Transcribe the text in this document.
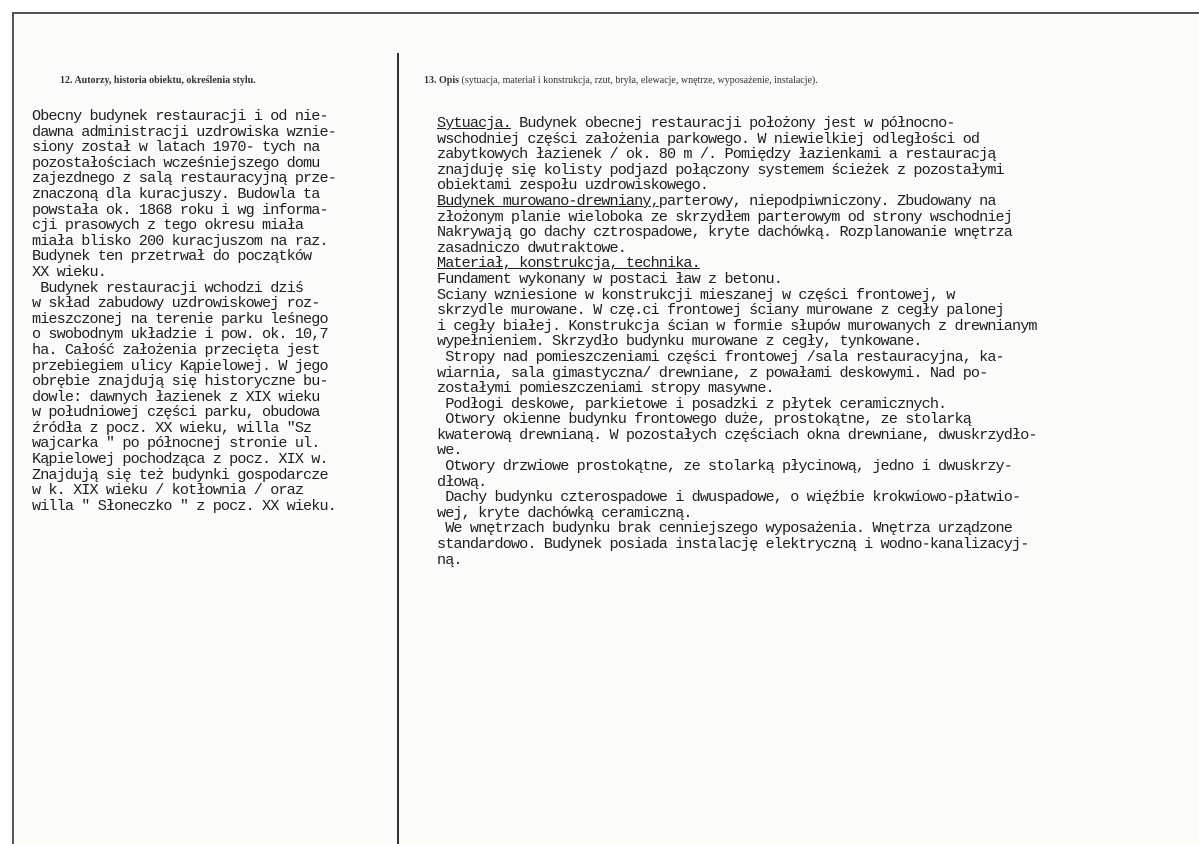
12. Autorzy, historia obiektu, określenia stylu.	13. Opis (sytuacja, materiał i konstrukcja, rzut, bryła, elewacje, wnętrze, wyposażenie, instalacje).
Obecny budynek restauracji i od nie-
dawna administracji uzdrowiska wznie-
siony został w latach 1970- tych na
pozostałościach wcześniejszego domu
zajezdnego z salą restauracyjną prze-
znaczoną dla kuracjuszy. Budowla ta
powstała ok. 1868 roku i wg informa-
cji prasowych z tego okresu miała
miała blisko 200 kuracjuszom na raz.
Budynek ten przetrwał do początków
XX wieku.
Budynek restauracji wchodzi dziś
w skład zabudowy uzdrowiskowej roz-
mieszczonej na terenie parku leśnego
o swobodnym układzie i pow. ok. 10,7
ha. Całość założenia przecięta jest
przebiegiem ulicy Kąpielowej. W jego
obrębie znajdują się historyczne bu-
dowle: dawnych łazienek z XIX wieku
w południowej części parku, obudowa
źródła z pocz. XX wieku, willa "Sz
wajcarka " po północnej stronie ul.
Kąpielowej pochodząca z pocz. XIX w.
Znajdują się też budynki gospodarcze
w k. XIX wieku / kotłownia / oraz
willa " Słoneczko " z pocz. XX wieku.
Sytuacja. Budynek obecnej restauracji położony jest w północno-
wschodniej części założenia parkowego. W niewielkiej odległości od
zabytkowych łazienek / ok. 80 m /. Pomiędzy łazienkami a restauracją
znajduję się kolisty podjazd połączony systemem ścieżek z pozostałymi
obiektami zespołu uzdrowiskowego.
Budynek murowano-drewniany,parterowy, niepodpiwniczony. Zbudowany na
złożonym planie wieloboka ze skrzydłem parterowym od strony wschodniej
Nakrywają go dachy cztrospadowe, kryte dachówką. Rozplanowanie wnętrza
zasadniczo dwutraktowe.
Materiał, konstrukcja, technika.
Fundament wykonany w postaci ław z betonu.
Sciany wzniesione w konstrukcji mieszanej w części frontowej, w
skrzydle murowane. W czę.ci frontowej ściany murowane z cegły palonej
i cegły białej. Konstrukcja ścian w formie słupów murowanych z drewnianym
wypełnieniem. Skrzydło budynku murowane z cegły, tynkowane.
Stropy nad pomieszczeniami części frontowej /sala restauracyjna, ka-
wiarnia, sala gimastyczna/ drewniane, z powałami deskowymi. Nad po-
zostałymi pomieszczeniami stropy masywne.
Podłogi deskowe, parkietowe i posadzki z płytek ceramicznych.
Otwory okienne budynku frontowego duże, prostokątne, ze stolarką
kwaterową drewnianą. W pozostałych częściach okna drewniane, dwuskrzydło-
we.
Otwory drzwiowe prostokątne, ze stolarką płycinową, jedno i dwuskrzy-
dłową.
Dachy budynku czterospadowe i dwuspadowe, o więźbie krokwiowo-płatwio-
wej, kryte dachówką ceramiczną.
We wnętrzach budynku brak cenniejszego wyposażenia. Wnętrza urządzone
standardowo. Budynek posiada instalację elektryczną i wodno-kanalizacyj-
ną.
